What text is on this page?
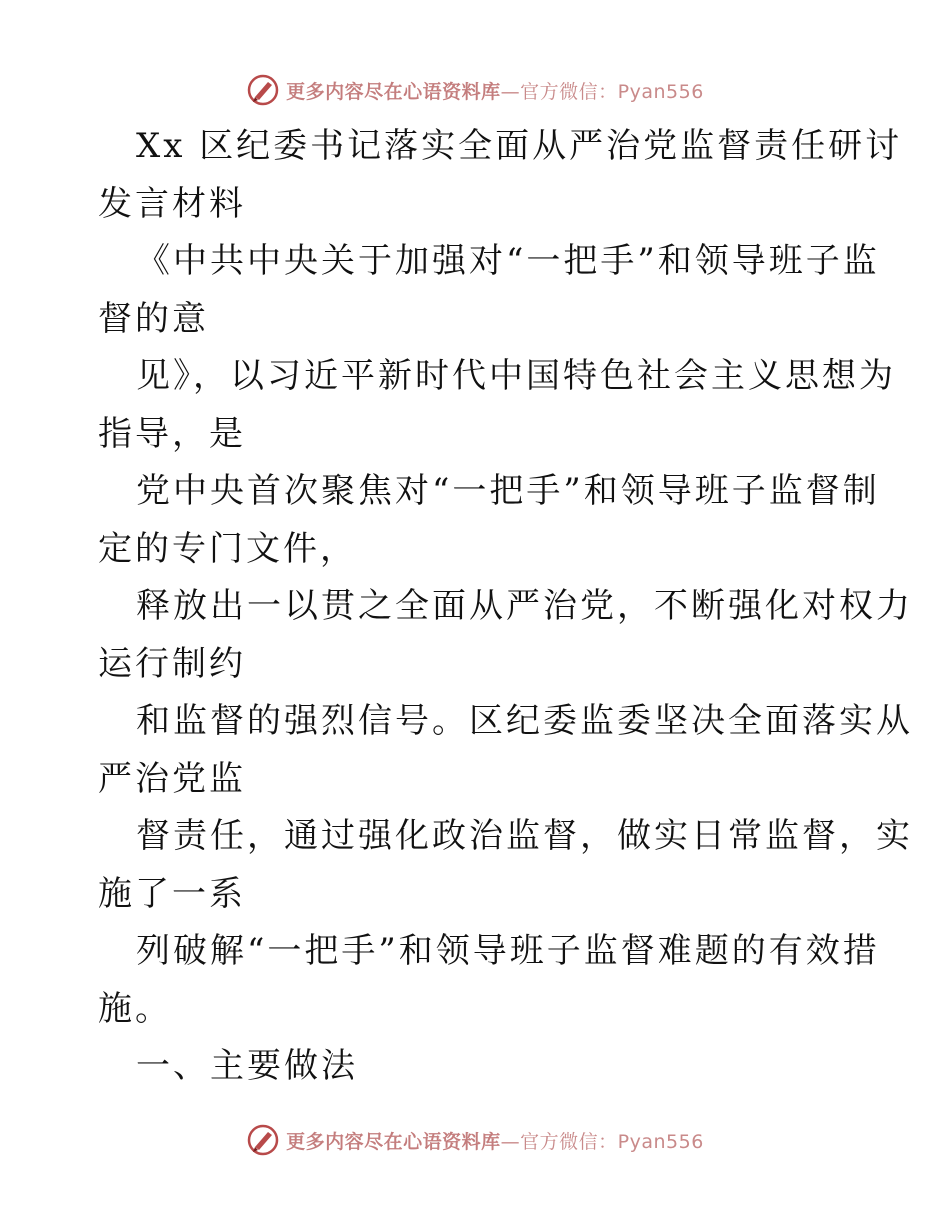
更多内容尽在心语资料库—官方微信：Pyan556
Xx 区纪委书记落实全面从严治党监督责任研讨
发言材料
《中共中央关于加强对“一把手”和领导班子监
督的意
见》，以习近平新时代中国特色社会主义思想为
指导，是
党中央首次聚焦对“一把手”和领导班子监督制
定的专门文件，
释放出一以贯之全面从严治党，不断强化对权力
运行制约
和监督的强烈信号。区纪委监委坚决全面落实从
严治党监
督责任，通过强化政治监督，做实日常监督，实
施了一系
列破解“一把手”和领导班子监督难题的有效措
施。
一、主要做法
更多内容尽在心语资料库—官方微信：Pyan556
